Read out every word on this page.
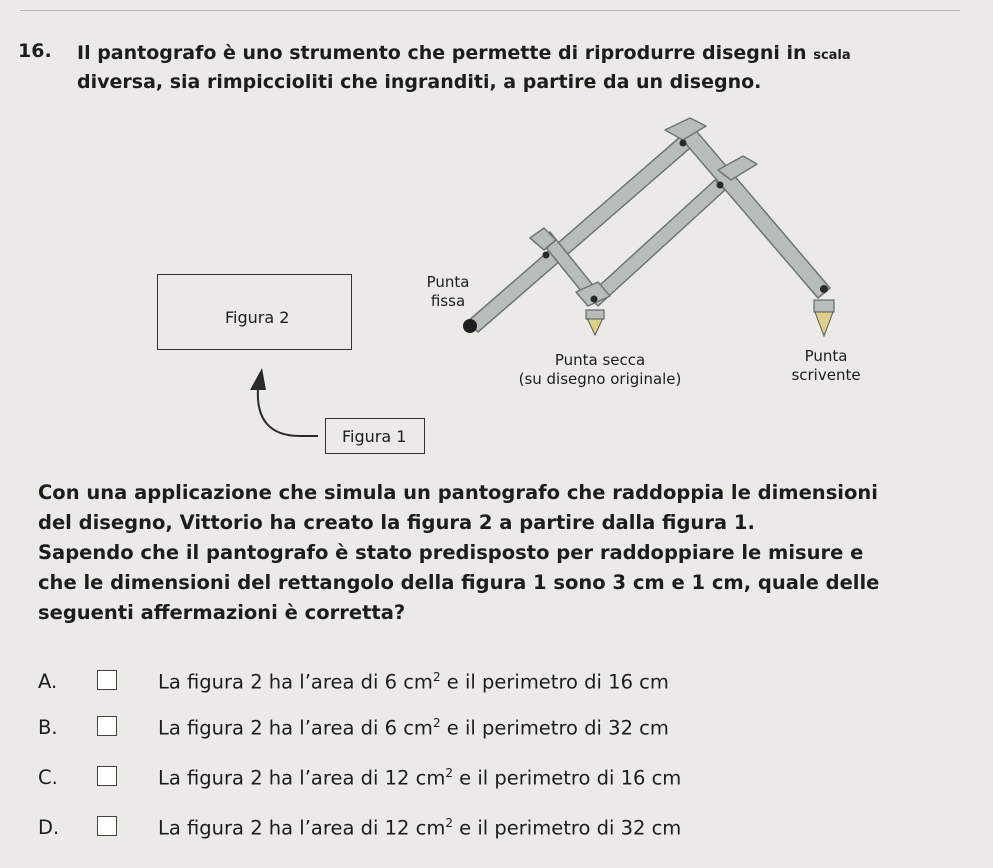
16. Il pantografo è uno strumento che permette di riprodurre disegni in scala
diversa, sia rimpiccioliti che ingranditi, a partire da un disegno.
Figura 2
Figura 1
Punta fissa
Punta secca
(su disegno originale)
Punta scrivente
Con una applicazione che simula un pantografo che raddoppia le dimensioni
del disegno, Vittorio ha creato la figura 2 a partire dalla figura 1.
Sapendo che il pantografo è stato predisposto per raddoppiare le misure e
che le dimensioni del rettangolo della figura 1 sono 3 cm e 1 cm, quale delle
seguenti affermazioni è corretta?
A.	La figura 2 ha l’area di 6 $cm^2$ e il perimetro di 16 cm
B.	La figura 2 ha l’area di 6 $cm^2$ e il perimetro di 32 cm
C.	La figura 2 ha l’area di 12 $cm^2$ e il perimetro di 16 cm
D.	La figura 2 ha l’area di 12 $cm^2$ e il perimetro di 32 cm
